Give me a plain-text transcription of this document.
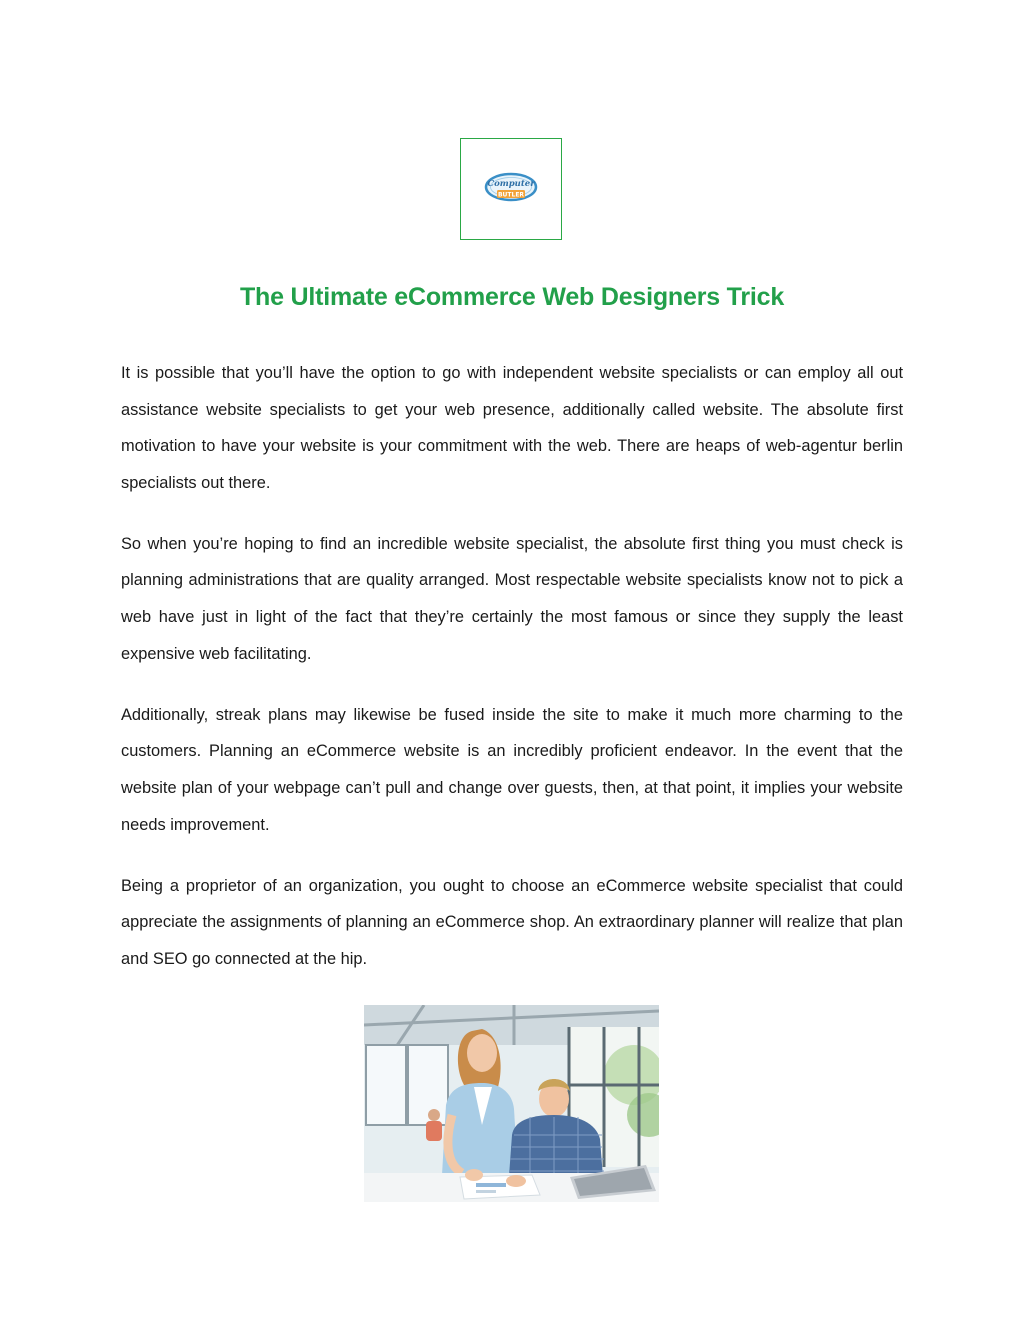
Computer
BUTLER
The Ultimate eCommerce Web Designers Trick

It is possible that you’ll have the option to go with independent website specialists or can employ all out assistance website specialists to get your web presence, additionally called website. The absolute first motivation to have your website is your commitment with the web. There are heaps of web-agentur berlin specialists out there.

So when you’re hoping to find an incredible website specialist, the absolute first thing you must check is planning administrations that are quality arranged. Most respectable website specialists know not to pick a web have just in light of the fact that they’re certainly the most famous or since they supply the least expensive web facilitating.

Additionally, streak plans may likewise be fused inside the site to make it much more charming to the customers. Planning an eCommerce website is an incredibly proficient endeavor. In the event that the website plan of your webpage can’t pull and change over guests, then, at that point, it implies your website needs improvement.

Being a proprietor of an organization, you ought to choose an eCommerce website specialist that could appreciate the assignments of planning an eCommerce shop. An extraordinary planner will realize that plan and SEO go connected at the hip.
